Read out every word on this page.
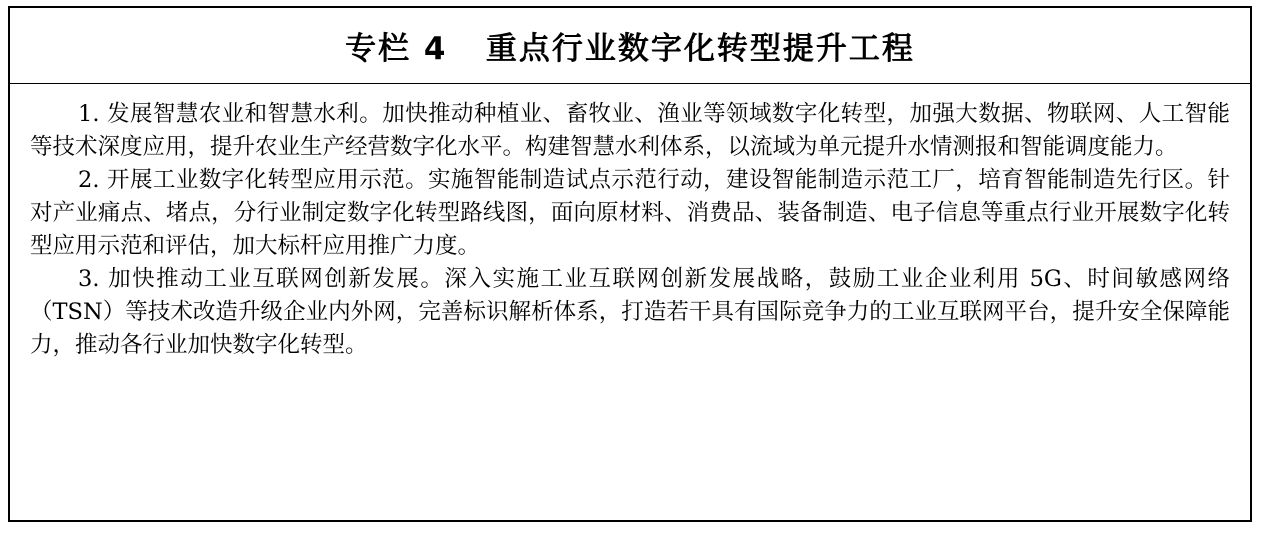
专栏 4   重点行业数字化转型提升工程

1. 发展智慧农业和智慧水利。加快推动种植业、畜牧业、渔业等领域数字化转型，加强大数据、物联网、人工智能等技术深度应用，提升农业生产经营数字化水平。构建智慧水利体系，以流域为单元提升水情测报和智能调度能力。

2. 开展工业数字化转型应用示范。实施智能制造试点示范行动，建设智能制造示范工厂，培育智能制造先行区。针对产业痛点、堵点，分行业制定数字化转型路线图，面向原材料、消费品、装备制造、电子信息等重点行业开展数字化转型应用示范和评估，加大标杆应用推广力度。

3. 加快推动工业互联网创新发展。深入实施工业互联网创新发展战略，鼓励工业企业利用 5G、时间敏感网络（TSN）等技术改造升级企业内外网，完善标识解析体系，打造若干具有国际竞争力的工业互联网平台，提升安全保障能力，推动各行业加快数字化转型。
